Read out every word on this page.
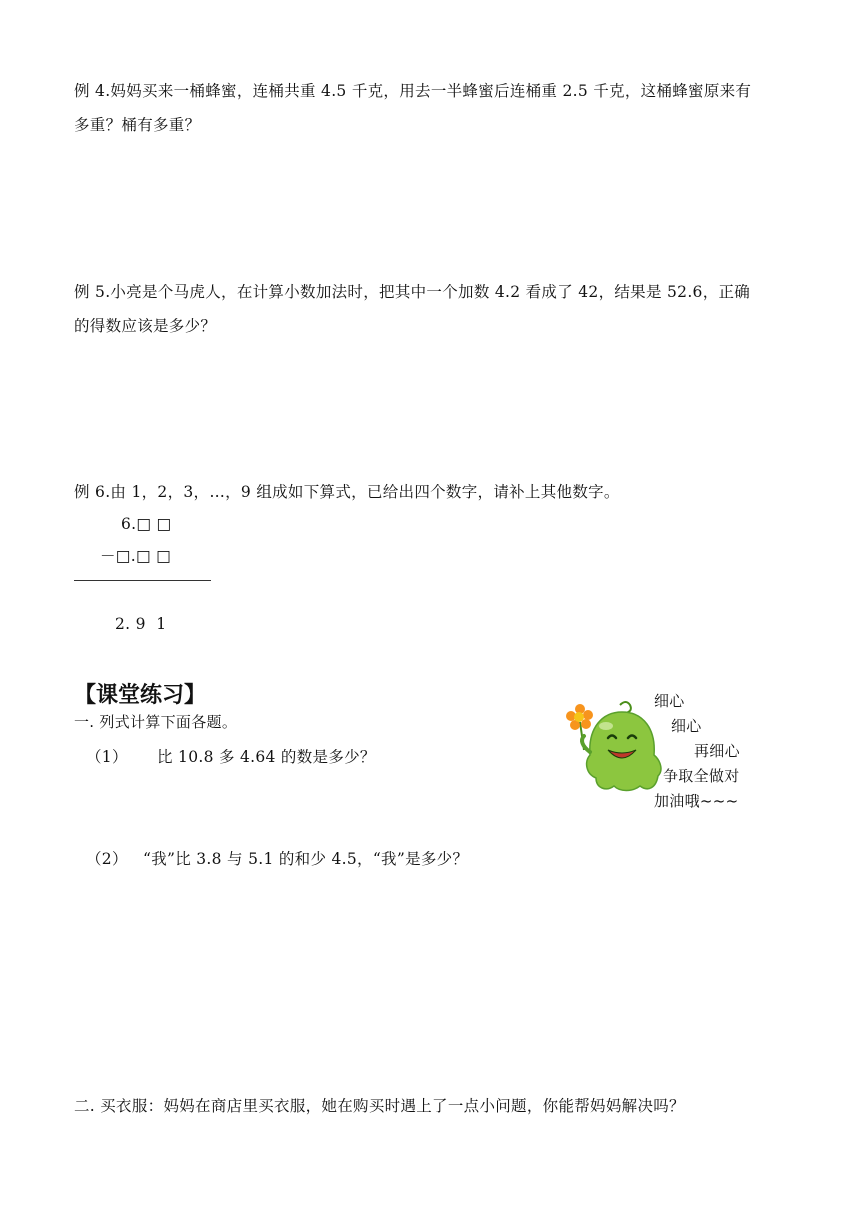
例 4.妈妈买来一桶蜂蜜，连桶共重 4.5 千克，用去一半蜂蜜后连桶重 2.5 千克，这桶蜂蜜原来有
多重？桶有多重？
例 5.小亮是个马虎人，在计算小数加法时，把其中一个加数 4.2 看成了 42，结果是 52.6，正确
的得数应该是多少？
例 6.由 1，2，3，…，9 组成如下算式，已给出四个数字，请补上其他数字。
6.□ □
－□.□ □
2. 9  1
【课堂练习】
一. 列式计算下面各题。
（1） 比 10.8 多 4.64 的数是多少？
（2） “我”比 3.8 与 5.1 的和少 4.5，“我”是多少？
二. 买衣服：妈妈在商店里买衣服，她在购买时遇上了一点小问题，你能帮妈妈解决吗？
细心
细心
再细心
争取全做对
加油哦~~~
